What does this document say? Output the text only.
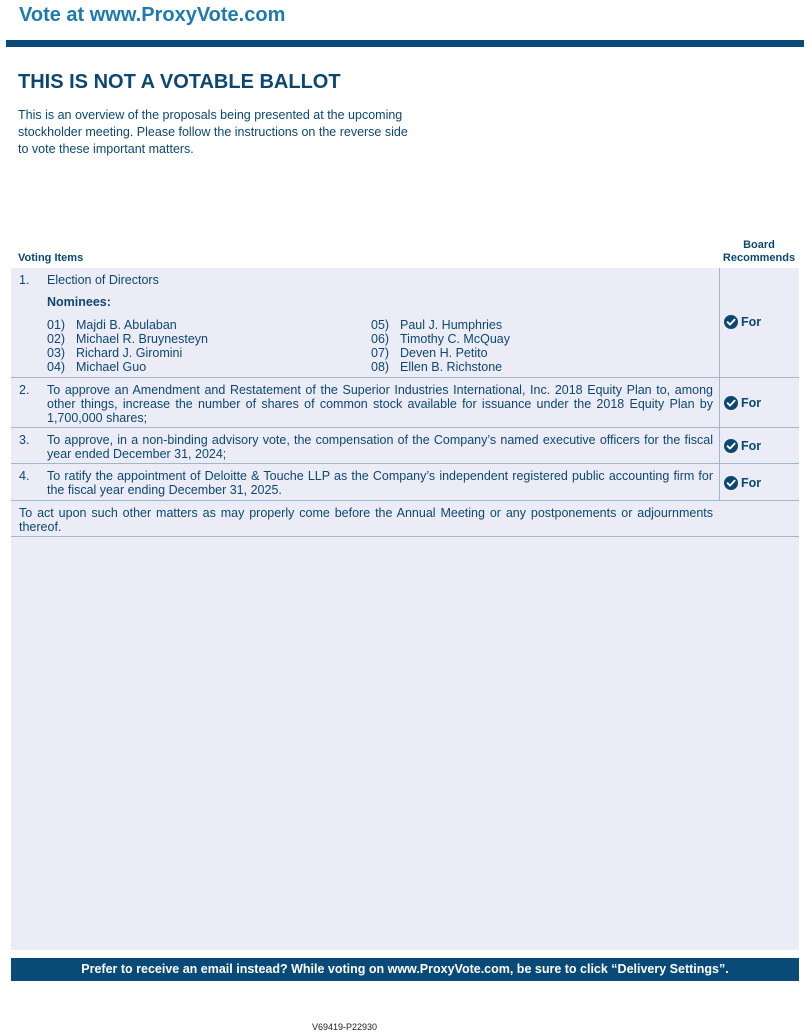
Vote at www.ProxyVote.com
THIS IS NOT A VOTABLE BALLOT
This is an overview of the proposals being presented at the upcoming stockholder meeting. Please follow the instructions on the reverse side to vote these important matters.
Voting Items
Board
Recommends
1. Election of Directors
Nominees:
01) Majdi B. Abulaban
02) Michael R. Bruynesteyn
03) Richard J. Giromini
04) Michael Guo
05) Paul J. Humphries
06) Timothy C. McQuay
07) Deven H. Petito
08) Ellen B. Richstone
For
2. To approve an Amendment and Restatement of the Superior Industries International, Inc. 2018 Equity Plan to, among other things, increase the number of shares of common stock available for issuance under the 2018 Equity Plan by 1,700,000 shares;
For
3. To approve, in a non-binding advisory vote, the compensation of the Company’s named executive officers for the fiscal year ended December 31, 2024;
For
4. To ratify the appointment of Deloitte & Touche LLP as the Company’s independent registered public accounting firm for the fiscal year ending December 31, 2025.	For
To act upon such other matters as may properly come before the Annual Meeting or any postponements or adjournments thereof.
Prefer to receive an email instead? While voting on www.ProxyVote.com, be sure to click “Delivery Settings”.
V69419-P22930
